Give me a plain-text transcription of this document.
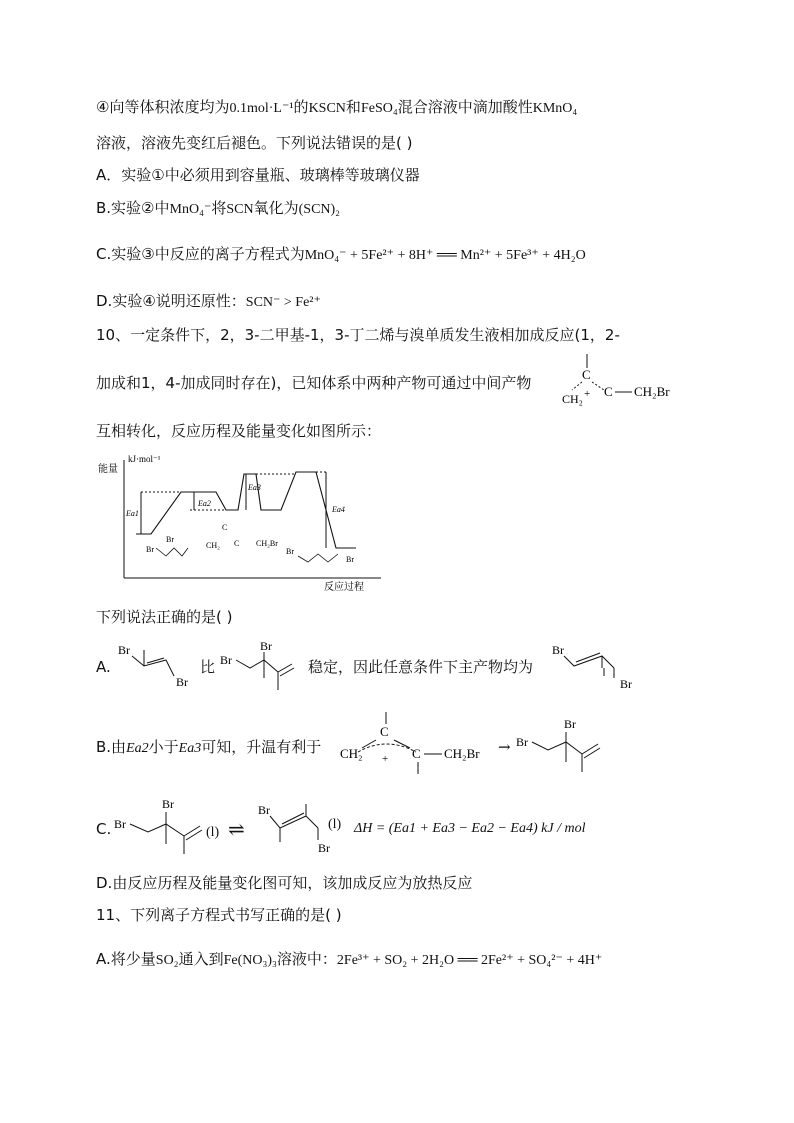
④向等体积浓度均为0.1mol·L⁻¹的KSCN和FeSO₄混合溶液中滴加酸性KMnO₄
溶液，溶液先变红后褪色。下列说法错误的是( )
A．实验①中必须用到容量瓶、玻璃棒等玻璃仪器
B.实验②中MnO₄⁻将SCN氧化为(SCN)₂
C.实验③中反应的离子方程式为MnO₄⁻ + 5Fe²⁺ + 8H⁺ ══ Mn²⁺ + 5Fe³⁺ + 4H₂O
D.实验④说明还原性：SCN⁻ > Fe²⁺
10、一定条件下，2，3-二甲基-1，3-丁二烯与溴单质发生液相加成反应(1，2-
加成和1，4-加成同时存在)，已知体系中两种产物可通过中间产物	C
CH₂ + C CH₂Br
互相转化，反应历程及能量变化如图所示：
能量
kJ·mol⁻¹
反应过程
Ea1
Ea2
Ea3
Ea4
Br
Br
C
CH₂ C CH₂Br
Br
Br
下列说法正确的是( )
A.
Br
Br
比 Br
Br
稳定，因此任意条件下主产物均为
Br
Br
B.由Ea2小于Ea3可知，升温有利于
C
CH₂ + C CH₂Br → Br
Br
C. Br
Br
(l) ⇌
Br
Br
(l) ΔH = (Ea1 + Ea3 − Ea2 − Ea4) kJ / mol
D.由反应历程及能量变化图可知，该加成反应为放热反应
11、下列离子方程式书写正确的是( )
A.将少量SO₂通入到Fe(NO₃)₃溶液中：2Fe³⁺ + SO₂ + 2H₂O ══ 2Fe²⁺ + SO₄²⁻ + 4H⁺
